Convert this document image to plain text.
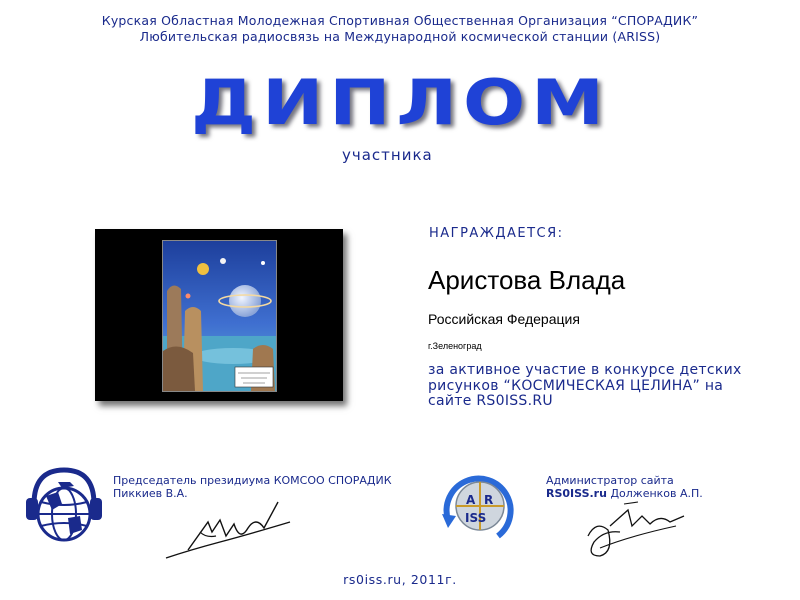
Курская Областная Молодежная Спортивная Общественная Организация “СПОРАДИК”
Любительская радиосвязь на Международной космической станции (ARISS)
ДИПЛОМ
участника
НАГРАЖДАЕТСЯ:
Аристова Влада
Российская Федерация
г.Зеленоград
за активное участие в конкурсе детских рисунков “КОСМИЧЕСКАЯ ЦЕЛИНА” на сайте RS0ISS.RU
Председатель президиума КОМСОО СПОРАДИК Пиккиев В.А.	A R
ISS
Администратор сайта
RS0ISS.ru Долженков А.П.
rs0iss.ru, 2011г.
